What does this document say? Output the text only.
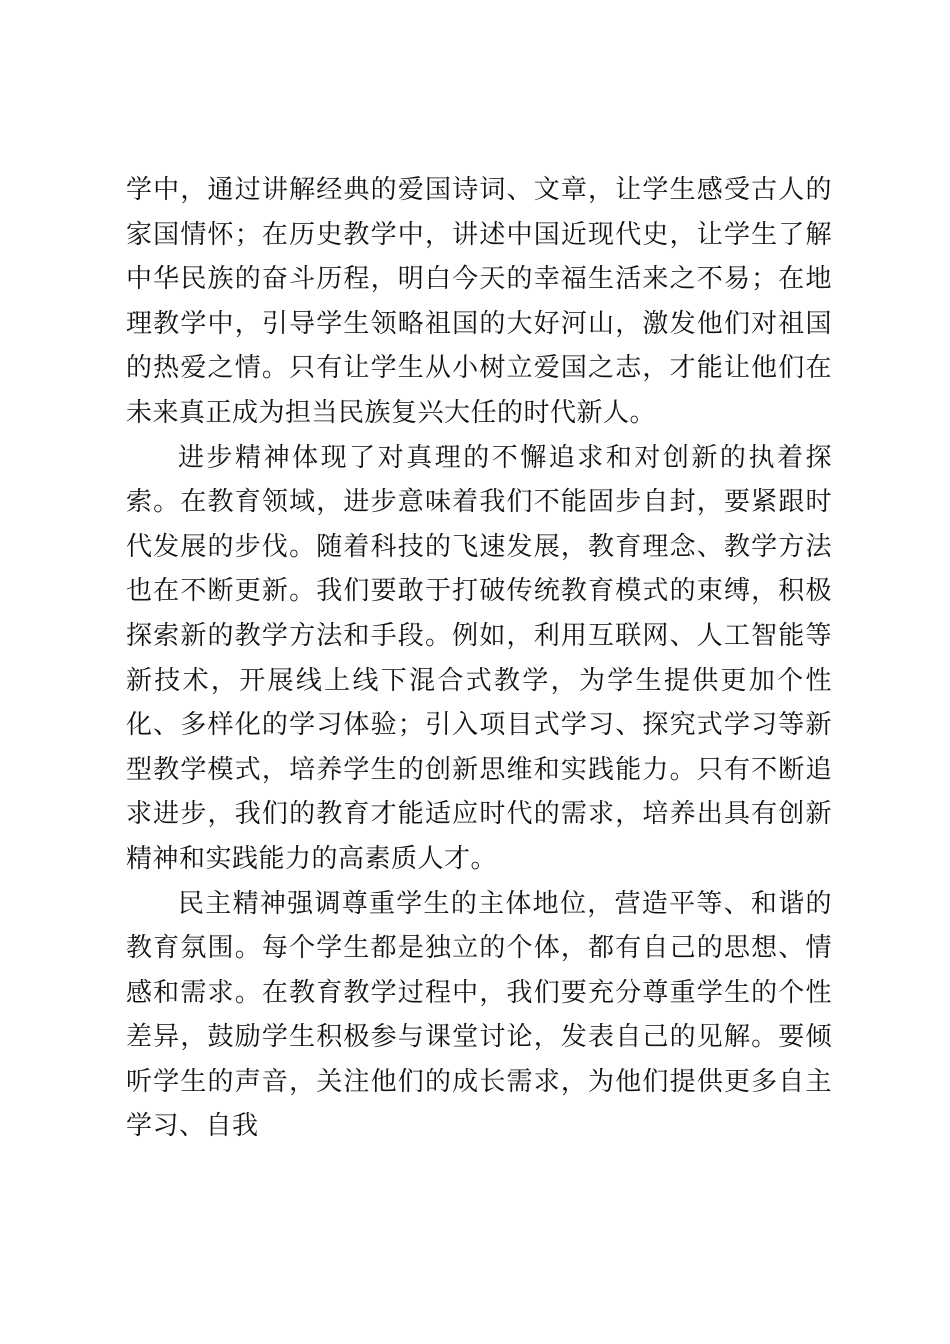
学中，通过讲解经典的爱国诗词、文章，让学生感受古人的家国情怀；在历史教学中，讲述中国近现代史，让学生了解中华民族的奋斗历程，明白今天的幸福生活来之不易；在地理教学中，引导学生领略祖国的大好河山，激发他们对祖国的热爱之情。只有让学生从小树立爱国之志，才能让他们在未来真正成为担当民族复兴大任的时代新人。

进步精神体现了对真理的不懈追求和对创新的执着探索。在教育领域，进步意味着我们不能固步自封，要紧跟时代发展的步伐。随着科技的飞速发展，教育理念、教学方法也在不断更新。我们要敢于打破传统教育模式的束缚，积极探索新的教学方法和手段。例如，利用互联网、人工智能等新技术，开展线上线下混合式教学，为学生提供更加个性化、多样化的学习体验；引入项目式学习、探究式学习等新型教学模式，培养学生的创新思维和实践能力。只有不断追求进步，我们的教育才能适应时代的需求，培养出具有创新精神和实践能力的高素质人才。

民主精神强调尊重学生的主体地位，营造平等、和谐的教育氛围。每个学生都是独立的个体，都有自己的思想、情感和需求。在教育教学过程中，我们要充分尊重学生的个性差异，鼓励学生积极参与课堂讨论，发表自己的见解。要倾听学生的声音，关注他们的成长需求，为他们提供更多自主学习、自我
